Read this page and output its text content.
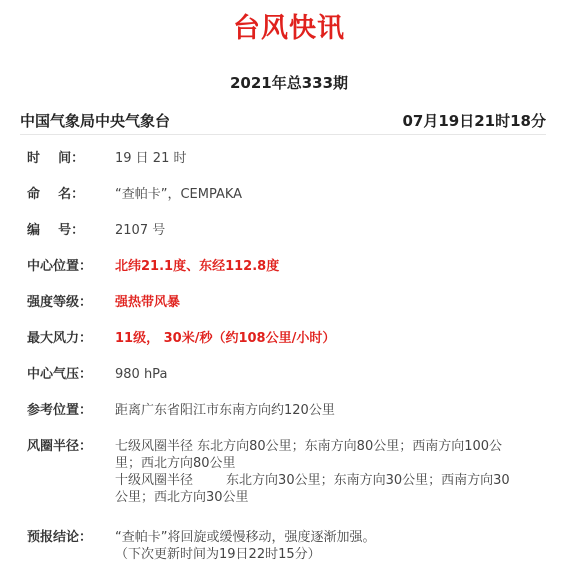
台风快讯
2021年总333期
中国气象局中央气象台	07月19日21时18分
时    间： 19 日 21 时
命    名： “查帕卡”，CEMPAKA
编    号： 2107 号
中心位置： 北纬21.1度、东经112.8度
强度等级： 强热带风暴
最大风力： 11级， 30米/秒（约108公里/小时）
中心气压： 980 hPa
参考位置： 距离广东省阳江市东南方向约120公里
风圈半径： 七级风圈半径 东北方向80公里；东南方向80公里；西南方向100公
里；西北方向80公里
十级风圈半径        东北方向30公里；东南方向30公里；西南方向30
公里；西北方向30公里
预报结论： “查帕卡”将回旋或缓慢移动，强度逐渐加强。
（下次更新时间为19日22时15分）
